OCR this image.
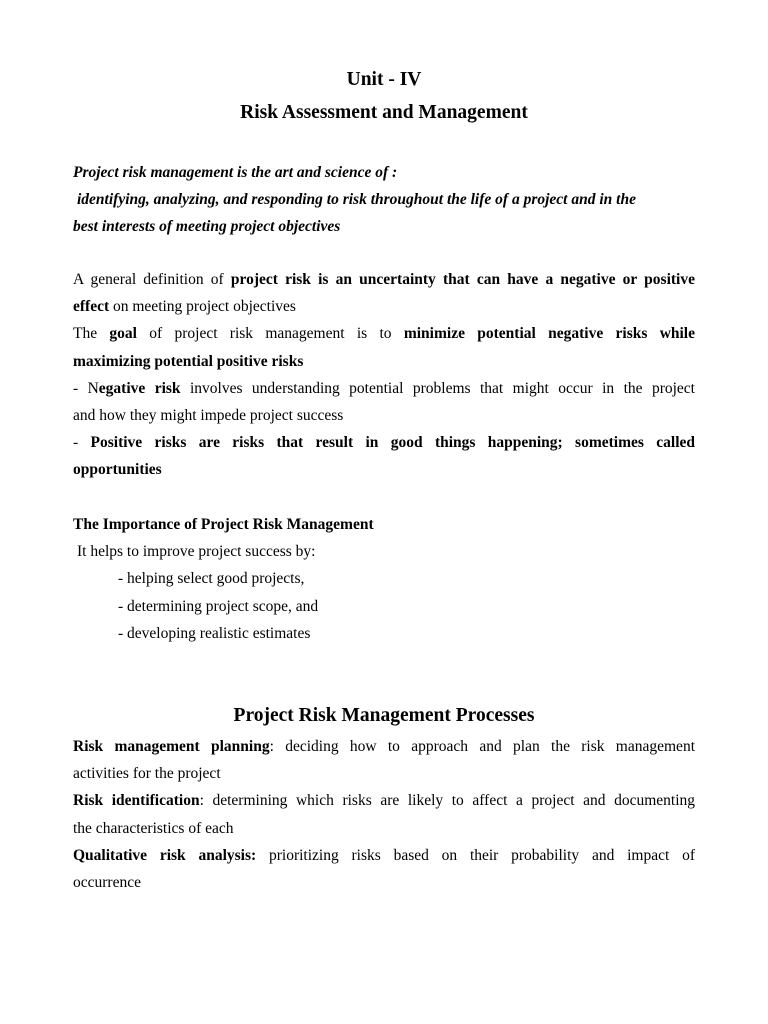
Unit - IV
Risk Assessment and Management
Project risk management is the art and science of :
identifying, analyzing, and responding to risk throughout the life of a project and in the
best interests of meeting project objectives
A general definition of project risk is an uncertainty that can have a negative or positive
effect on meeting project objectives
The goal of project risk management is to minimize potential negative risks while
maximizing potential positive risks
- Negative risk involves understanding potential problems that might occur in the project
and how they might impede project success
- Positive risks are risks that result in good things happening; sometimes called
opportunities
The Importance of Project Risk Management
It helps to improve project success by:
- helping select good projects,
- determining project scope, and
- developing realistic estimates
Project Risk Management Processes
Risk management planning: deciding how to approach and plan the risk management
activities for the project
Risk identification: determining which risks are likely to affect a project and documenting
the characteristics of each
Qualitative risk analysis: prioritizing risks based on their probability and impact of
occurrence
